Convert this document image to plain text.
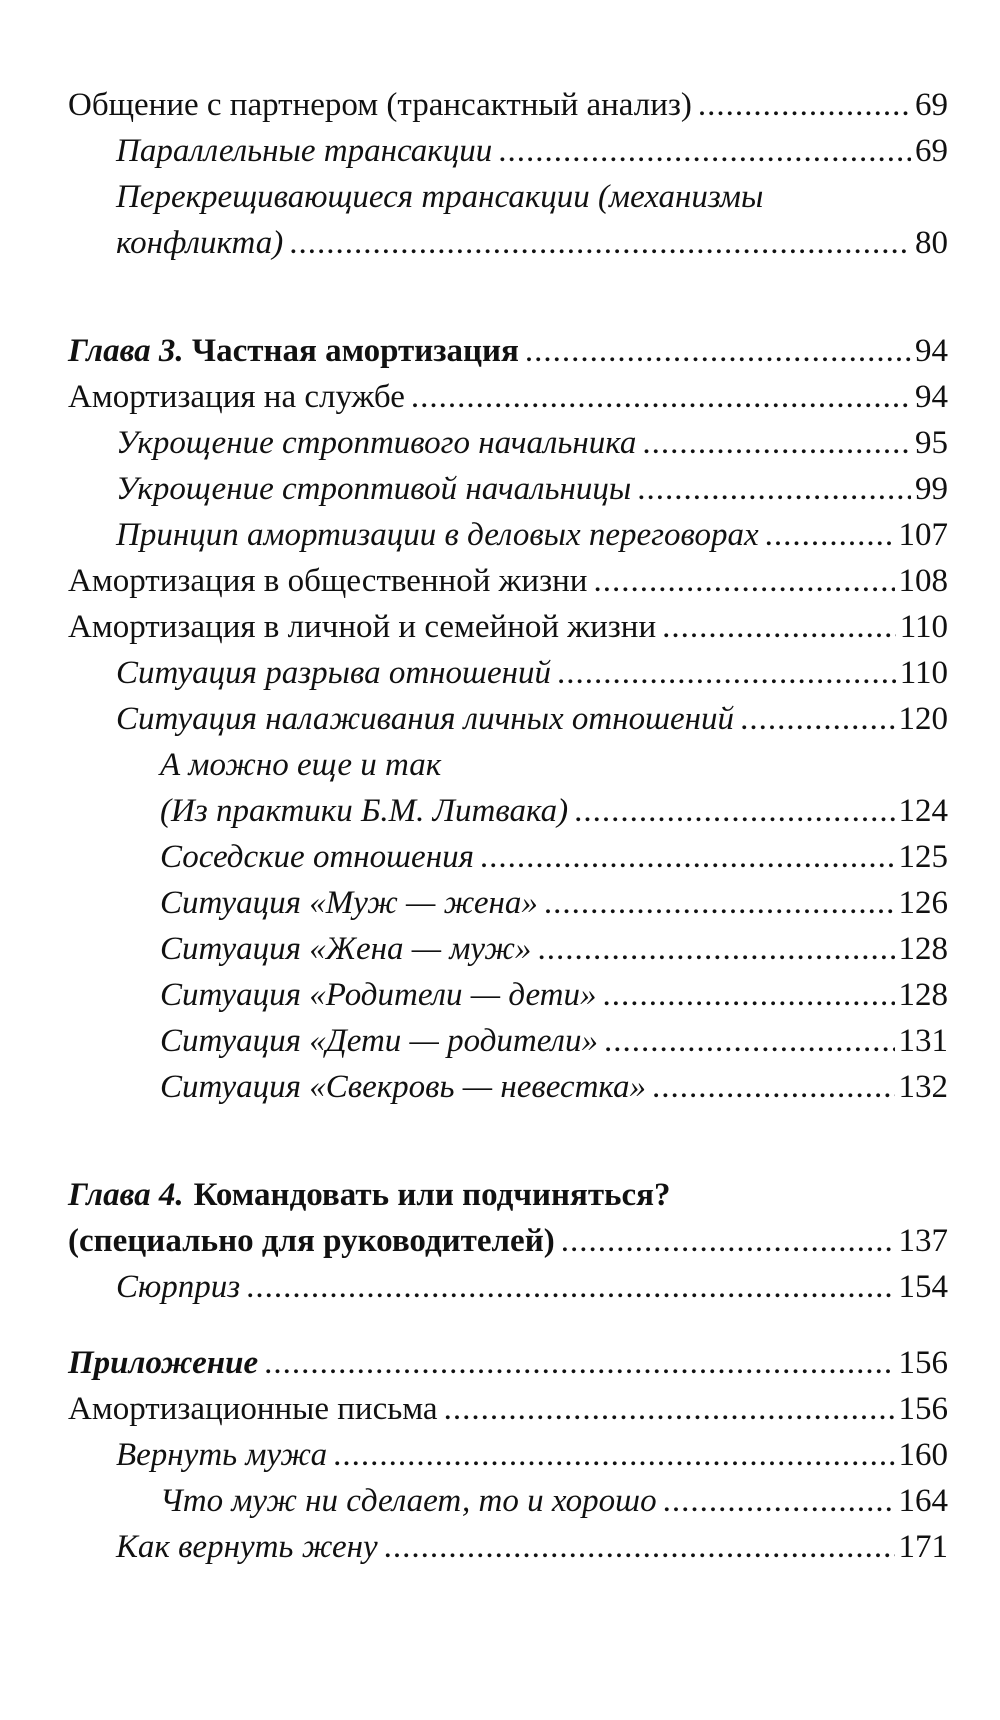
Общение с партнером (трансактный анализ) .....	69
Параллельные трансакции .....	69
Перекрещивающиеся трансакции (механизмы
конфликта) .....	80
Глава 3. Частная амортизация .....	94
Амортизация на службе .....	94
Укрощение строптивого начальника .....	95
Укрощение строптивой начальницы .....	99
Принцип амортизации в деловых переговорах .....	107
Амортизация в общественной жизни .....	108
Амортизация в личной и семейной жизни .....	110
Ситуация разрыва отношений .....	110
Ситуация налаживания личных отношений .....	120
А можно еще и так
(Из практики Б.М. Литвака) .....	124
Соседские отношения .....	125
Ситуация «Муж — жена» .....	126
Ситуация «Жена — муж» .....	128
Ситуация «Родители — дети» .....	128
Ситуация «Дети — родители» .....	131
Ситуация «Свекровь — невестка» .....	132
Глава 4. Командовать или подчиняться?
(специально для руководителей) .....	137
Сюрприз .....	154
Приложение .....	156
Амортизационные письма .....	156
Вернуть мужа .....	160
Что муж ни сделает, то и хорошо .....	164
Как вернуть жену .....	171
